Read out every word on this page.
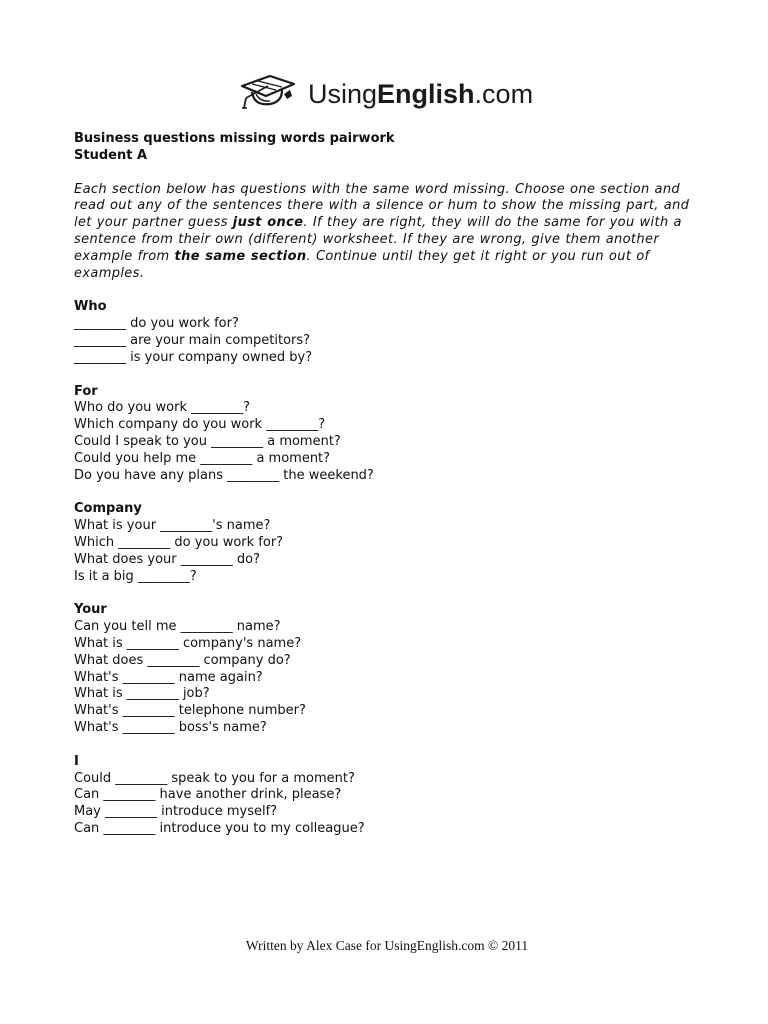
UsingEnglish.com

Business questions missing words pairwork

Student A

Each section below has questions with the same word missing. Choose one section and read out any of the sentences there with a silence or hum to show the missing part, and let your partner guess just once. If they are right, they will do the same for you with a sentence from their own (different) worksheet. If they are wrong, give them another example from the same section. Continue until they get it right or you run out of examples.

Who

________ do you work for?

________ are your main competitors?

________ is your company owned by?

For

Who do you work ________?

Which company do you work ________?

Could I speak to you ________ a moment?

Could you help me ________ a moment?

Do you have any plans ________ the weekend?

Company

What is your ________'s name?

Which ________ do you work for?

What does your ________ do?

Is it a big ________?

Your

Can you tell me ________ name?

What is ________ company's name?

What does ________ company do?

What's ________ name again?

What is ________ job?

What's ________ telephone number?

What's ________ boss's name?

I

Could ________ speak to you for a moment?

Can ________ have another drink, please?

May ________ introduce myself?

Can ________ introduce you to my colleague?

Written by Alex Case for UsingEnglish.com © 2011
